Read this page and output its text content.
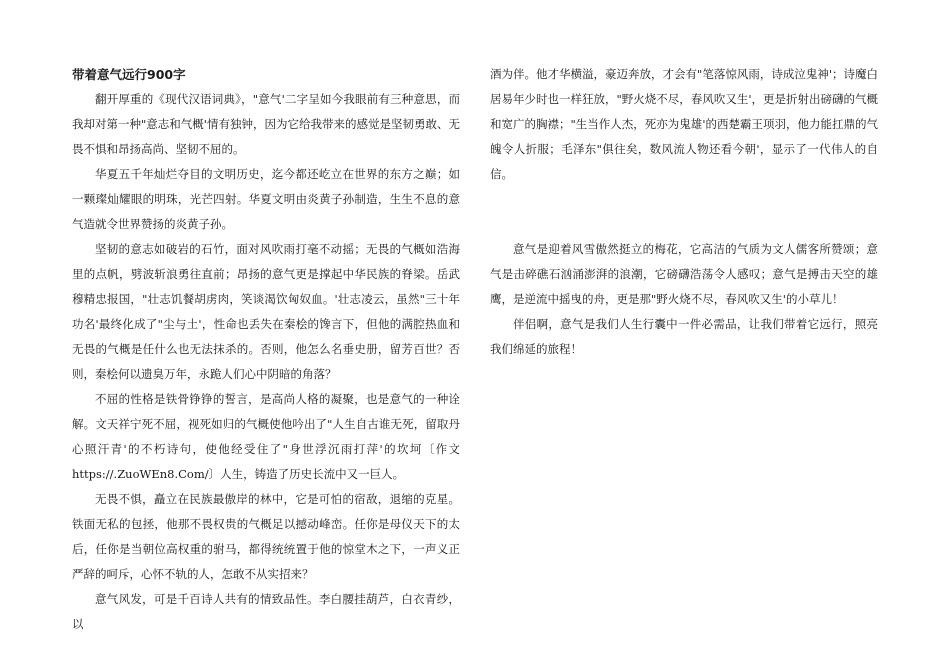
带着意气远行900字

翻开厚重的《现代汉语词典》，"意气'二字呈如今我眼前有三种意思，而我却对第一种"意志和气概'情有独钟，因为它给我带来的感觉是坚韧勇敢、无畏不惧和昂扬高尚、坚韧不屈的。

华夏五千年灿烂夺目的文明历史，迄今都还屹立在世界的东方之巅；如一颗璨灿耀眼的明珠，光芒四射。华夏文明由炎黄子孙制造，生生不息的意气造就令世界赞扬的炎黄子孙。

坚韧的意志如破岩的石竹，面对风吹雨打毫不动摇；无畏的气概如浩海里的点帆，劈波斩浪勇往直前；昂扬的意气更是撑起中华民族的脊梁。岳武穆精忠报国，"壮志饥餐胡虏肉，笑谈渴饮匈奴血。'壮志凌云，虽然"三十年功名'最终化成了"尘与土'，性命也丢失在秦桧的馋言下，但他的满腔热血和无畏的气概是任什么也无法抹杀的。否则，他怎么名垂史册，留芳百世？否则，秦桧何以遗臭万年，永跪人们心中阴暗的角落？

不屈的性格是铁骨铮铮的誓言，是高尚人格的凝聚，也是意气的一种诠解。文天祥宁死不屈，视死如归的气概使他吟出了"人生自古谁无死，留取丹心照汗青'的不朽诗句，使他经受住了"身世浮沉雨打萍'的坎坷〔作文 https://.ZuoWEn8.Com/〕人生，铸造了历史长流中又一巨人。

无畏不惧，矗立在民族最傲岸的林中，它是可怕的宿敌，退缩的克星。铁面无私的包拯，他那不畏权贵的气概足以撼动峰峦。任你是母仪天下的太后，任你是当朝位高权重的驸马，都得统统置于他的惊堂木之下，一声义正严辞的呵斥，心怀不轨的人，怎敢不从实招来？

意气风发，可是千百诗人共有的情致品性。李白腰挂葫芦，白衣青纱，以

酒为伴。他才华横溢，豪迈奔放，才会有"笔落惊风雨，诗成泣鬼神'；诗魔白居易年少时也一样狂放，"野火烧不尽，春风吹又生'，更是折射出磅礴的气概和宽广的胸襟；"生当作人杰，死亦为鬼雄'的西楚霸王项羽，他力能扛鼎的气魄令人折服；毛泽东"俱往矣，数风流人物还看今朝'，显示了一代伟人的自信。

意气是迎着风雪傲然挺立的梅花，它高洁的气质为文人儒客所赞颂；意气是击碎礁石汹涌澎湃的浪潮，它磅礴浩荡令人感叹；意气是搏击天空的雄鹰，是逆流中摇曳的舟，更是那"野火烧不尽，春风吹又生'的小草儿！

伴侣啊，意气是我们人生行囊中一件必需品，让我们带着它远行，照亮我们绵延的旅程！
